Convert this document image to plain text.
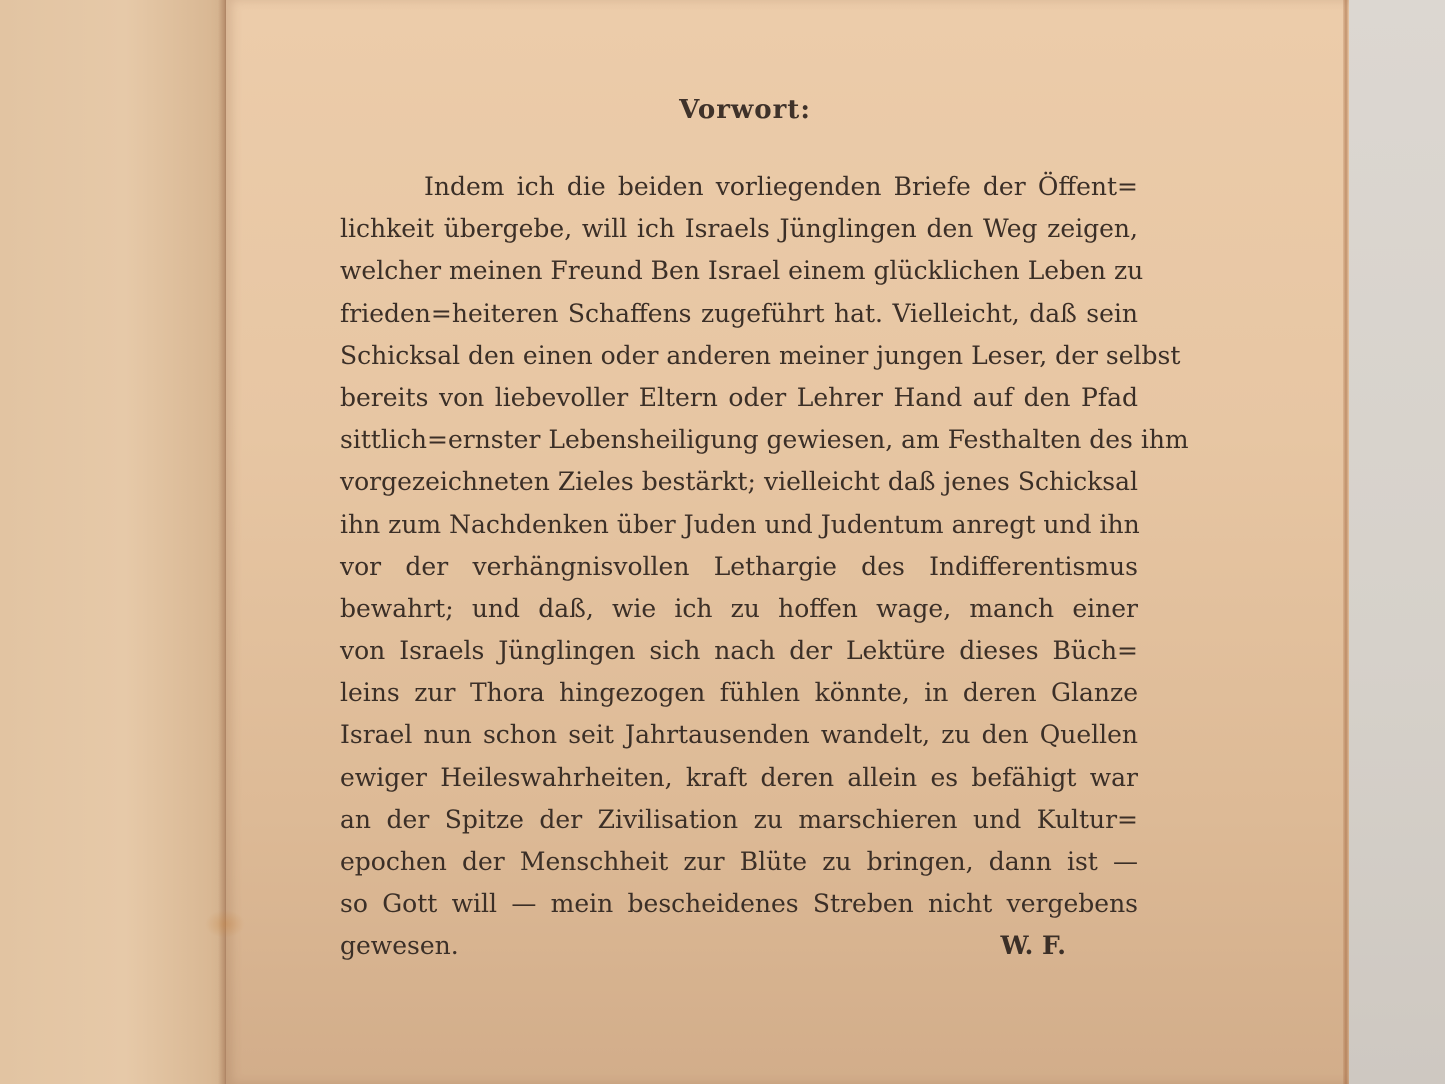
Vorwort:
Indem ich die beiden vorliegenden Briefe der Öffent=
lichkeit übergebe, will ich Israels Jünglingen den Weg zeigen,
welcher meinen Freund Ben Israel einem glücklichen Leben zu
frieden=heiteren Schaffens zugeführt hat. Vielleicht, daß sein
Schicksal den einen oder anderen meiner jungen Leser, der selbst
bereits von liebevoller Eltern oder Lehrer Hand auf den Pfad
sittlich=ernster Lebensheiligung gewiesen, am Festhalten des ihm
vorgezeichneten Zieles bestärkt; vielleicht daß jenes Schicksal
ihn zum Nachdenken über Juden und Judentum anregt und ihn
vor der verhängnisvollen Lethargie des Indifferentismus
bewahrt; und daß, wie ich zu hoffen wage, manch einer
von Israels Jünglingen sich nach der Lektüre dieses Büch=
leins zur Thora hingezogen fühlen könnte, in deren Glanze
Israel nun schon seit Jahrtausenden wandelt, zu den Quellen
ewiger Heileswahrheiten, kraft deren allein es befähigt war
an der Spitze der Zivilisation zu marschieren und Kultur=
epochen der Menschheit zur Blüte zu bringen, dann ist —
so Gott will — mein bescheidenes Streben nicht vergebens
gewesen.	W. F.
